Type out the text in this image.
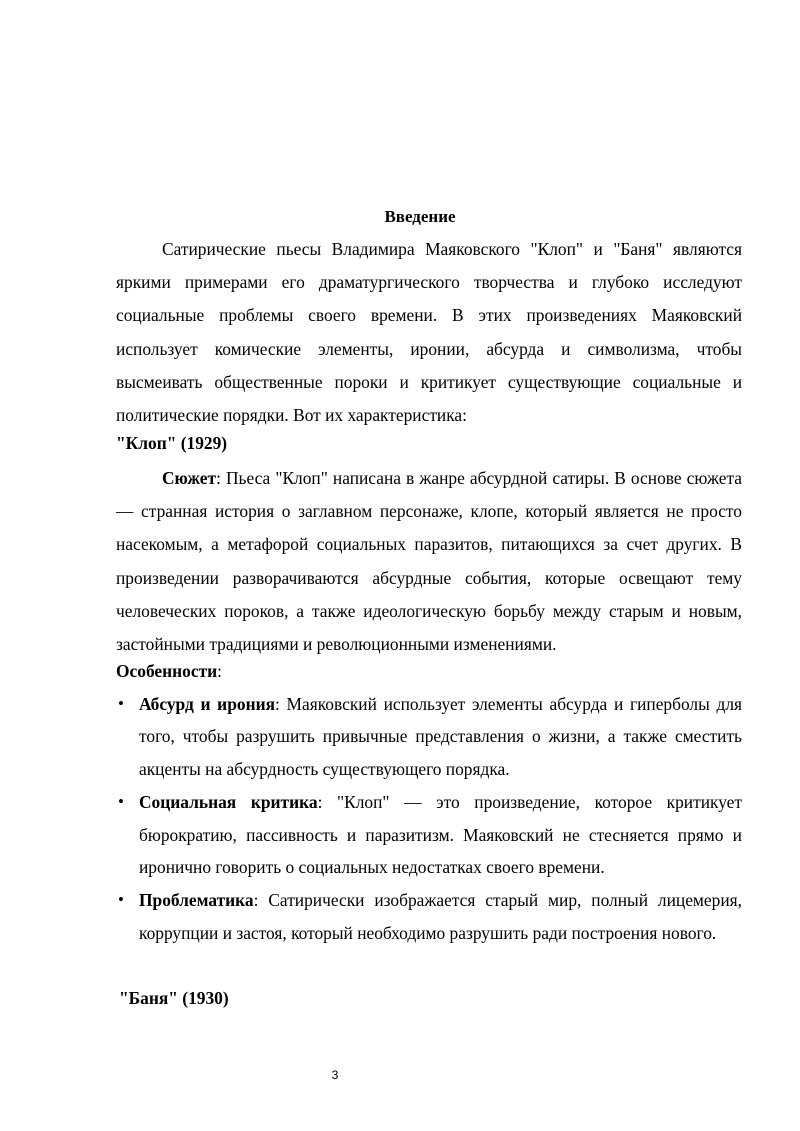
Введение

Сатирические пьесы Владимира Маяковского "Клоп" и "Баня" являются яркими примерами его драматургического творчества и глубоко исследуют социальные проблемы своего времени. В этих произведениях Маяковский использует комические элементы, иронии, абсурда и символизма, чтобы высмеивать общественные пороки и критикует существующие социальные и политические порядки. Вот их характеристика:

"Клоп" (1929)

Сюжет: Пьеса "Клоп" написана в жанре абсурдной сатиры. В основе сюжета — странная история о заглавном персонаже, клопе, который является не просто насекомым, а метафорой социальных паразитов, питающихся за счет других. В произведении разворачиваются абсурдные события, которые освещают тему человеческих пороков, а также идеологическую борьбу между старым и новым, застойными традициями и революционными изменениями.

Особенности:

• Абсурд и ирония: Маяковский использует элементы абсурда и гиперболы для того, чтобы разрушить привычные представления о жизни, а также сместить акценты на абсурдность существующего порядка.
• Социальная критика: "Клоп" — это произведение, которое критикует бюрократию, пассивность и паразитизм. Маяковский не стесняется прямо и иронично говорить о социальных недостатках своего времени.
• Проблематика: Сатирически изображается старый мир, полный лицемерия, коррупции и застоя, который необходимо разрушить ради построения нового.

"Баня" (1930)

3
